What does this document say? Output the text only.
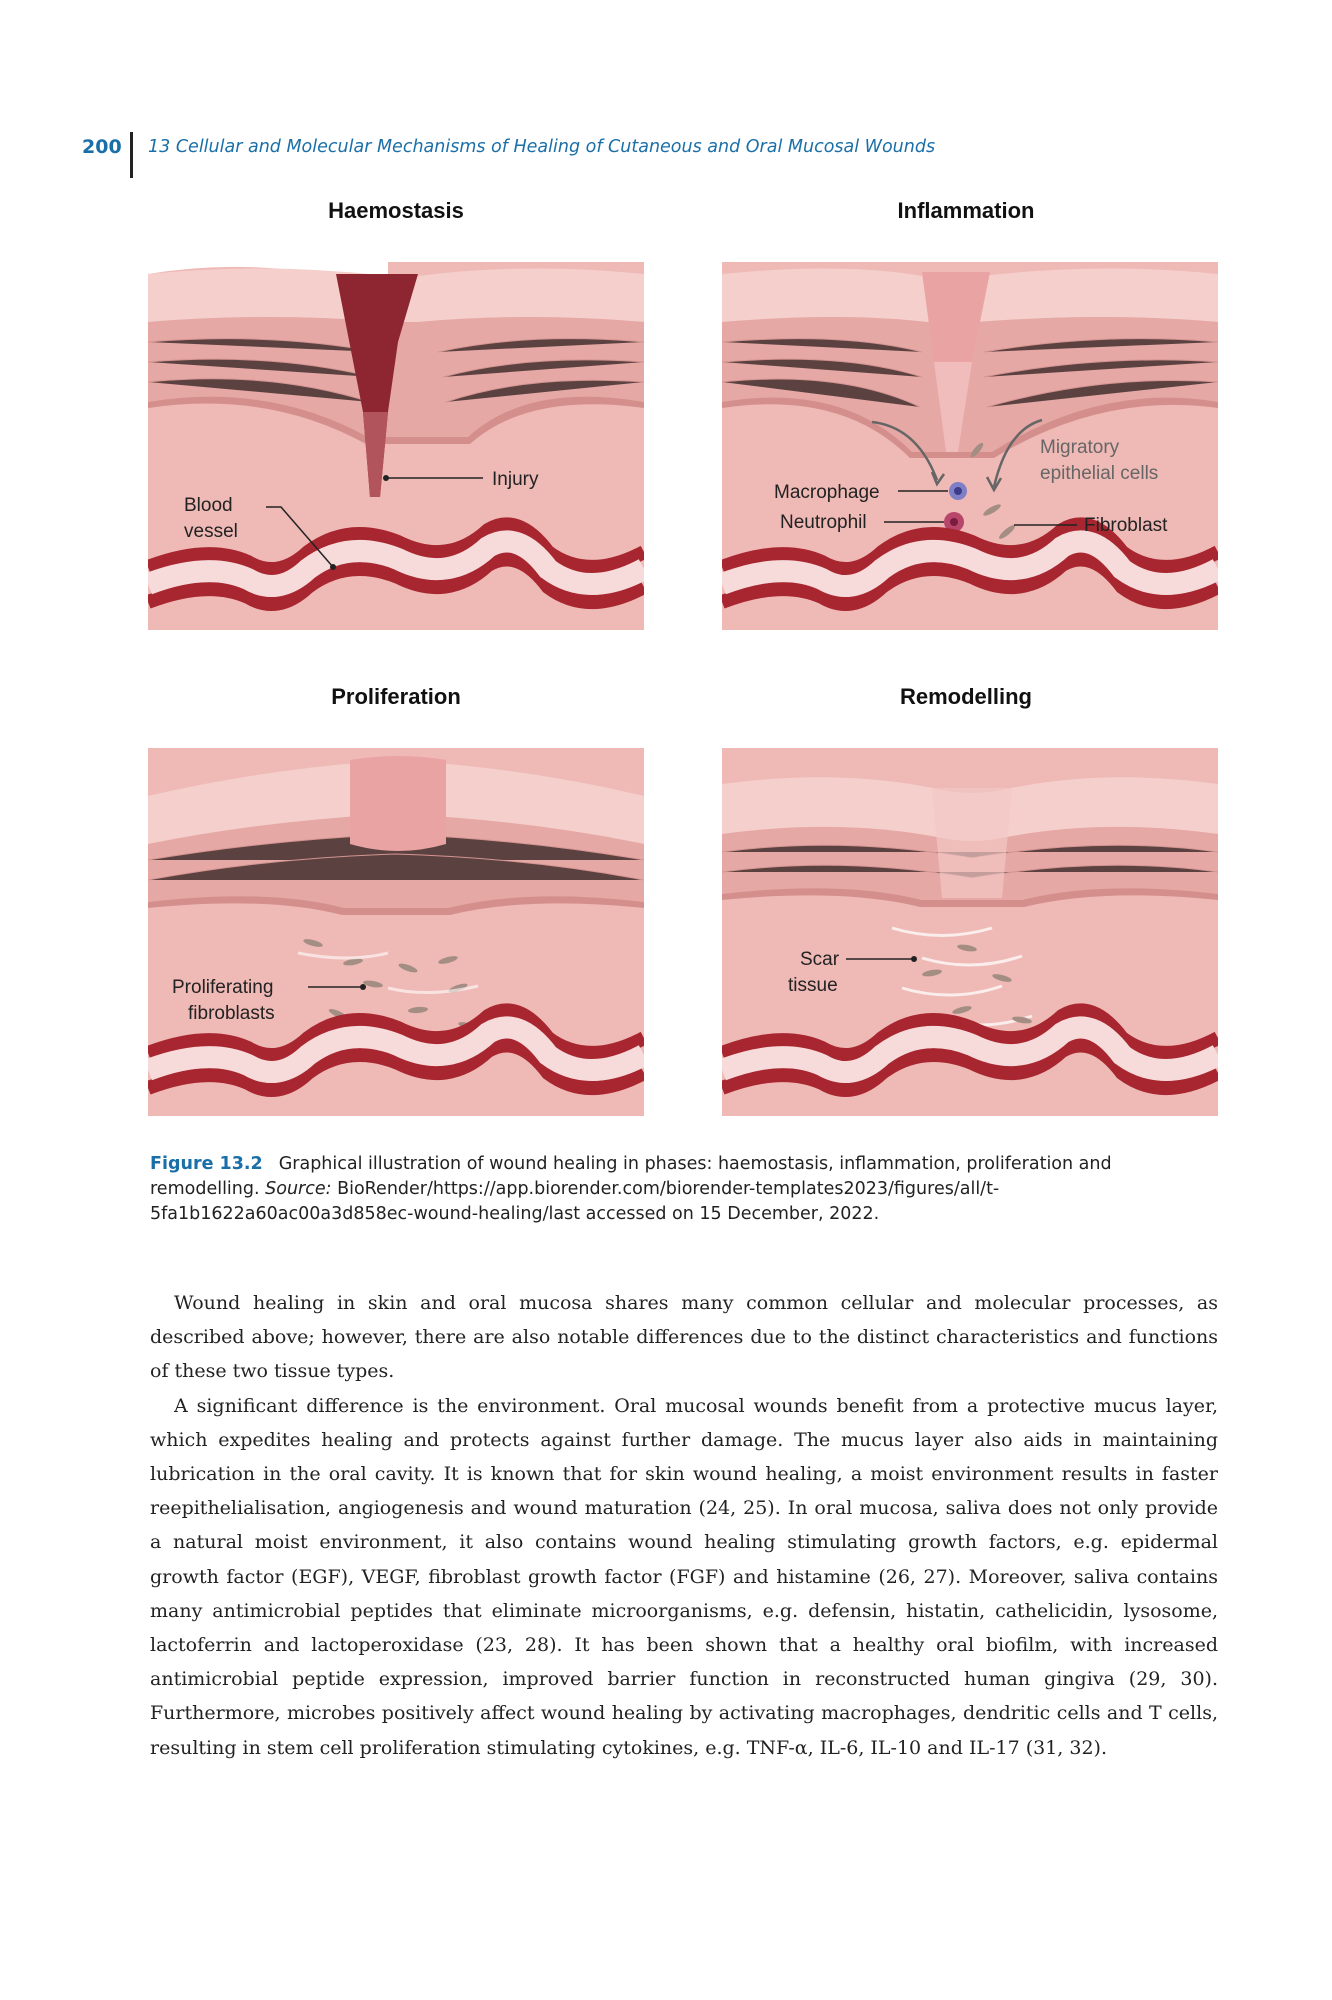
200 13 Cellular and Molecular Mechanisms of Healing of Cutaneous and Oral Mucosal Wounds
Haemostasis	Inflammation
Proliferation	Remodelling
Injury
Blood
vessel
Macrophage
Neutrophil
Migratory
epithelial cells
Fibroblast
Proliferating
fibroblasts
Scar
tissue
Figure 13.2 Graphical illustration of wound healing in phases: haemostasis, inflammation, proliferation and remodelling. Source: BioRender/https://app.biorender.com/biorender-templates2023/figures/all/t-5fa1b1622a60ac00a3d858ec-wound-healing/last accessed on 15 December, 2022.

Wound healing in skin and oral mucosa shares many common cellular and molecular processes, as described above; however, there are also notable differences due to the distinct characteristics and functions of these two tissue types.

A significant difference is the environment. Oral mucosal wounds benefit from a protective mucus layer, which expedites healing and protects against further damage. The mucus layer also aids in maintaining lubrication in the oral cavity. It is known that for skin wound healing, a moist environment results in faster reepithelialisation, angiogenesis and wound maturation (24, 25). In oral mucosa, saliva does not only provide a natural moist environment, it also contains wound healing stimulating growth factors, e.g. epidermal growth factor (EGF), VEGF, fibroblast growth factor (FGF) and histamine (26, 27). Moreover, saliva contains many antimicrobial peptides that eliminate microorganisms, e.g. defensin, histatin, cathelicidin, lysosome, lactoferrin and lactoperoxidase (23, 28). It has been shown that a healthy oral biofilm, with increased antimicrobial peptide expression, improved barrier function in reconstructed human gingiva (29, 30). Furthermore, microbes positively affect wound healing by activating macrophages, dendritic cells and T cells, resulting in stem cell proliferation stimulating cytokines, e.g. TNF-α, IL-6, IL-10 and IL-17 (31, 32).
